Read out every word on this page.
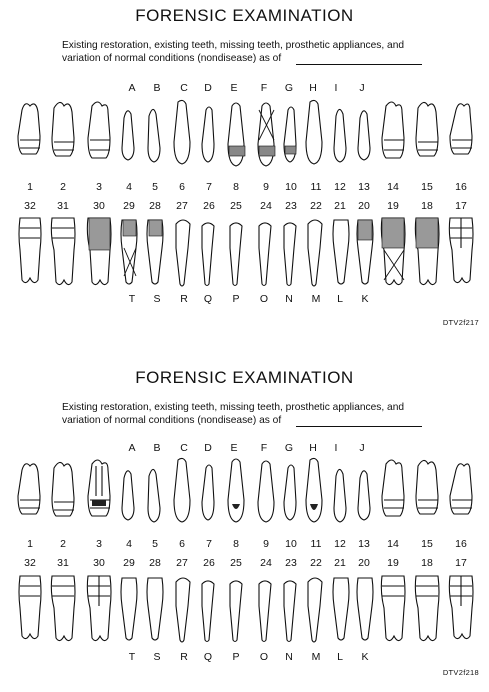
FORENSIC EXAMINATION
Existing restoration, existing teeth, missing teeth, prosthetic appliances, and
variation of normal conditions (nondisease) as of
A	B	C	D	E	F	G	H	I	J
1	2	3	4	5	6	7	8	9	10	11	12	13	14	15	16
32	31	30	29	28	27	26	25	24	23	22	21	20	19	18	17
T	S	R	Q	P	O	N	M	L	K
DTV2f217
FORENSIC EXAMINATION
Existing restoration, existing teeth, missing teeth, prosthetic appliances, and
variation of normal conditions (nondisease) as of
A	B	C	D	E	F	G	H	I	J
1	2	3	4	5	6	7	8	9	10	11	12	13	14	15	16
32	31	30	29	28	27	26	25	24	23	22	21	20	19	18	17
T	S	R	Q	P	O	N	M	L	K
DTV2f218
